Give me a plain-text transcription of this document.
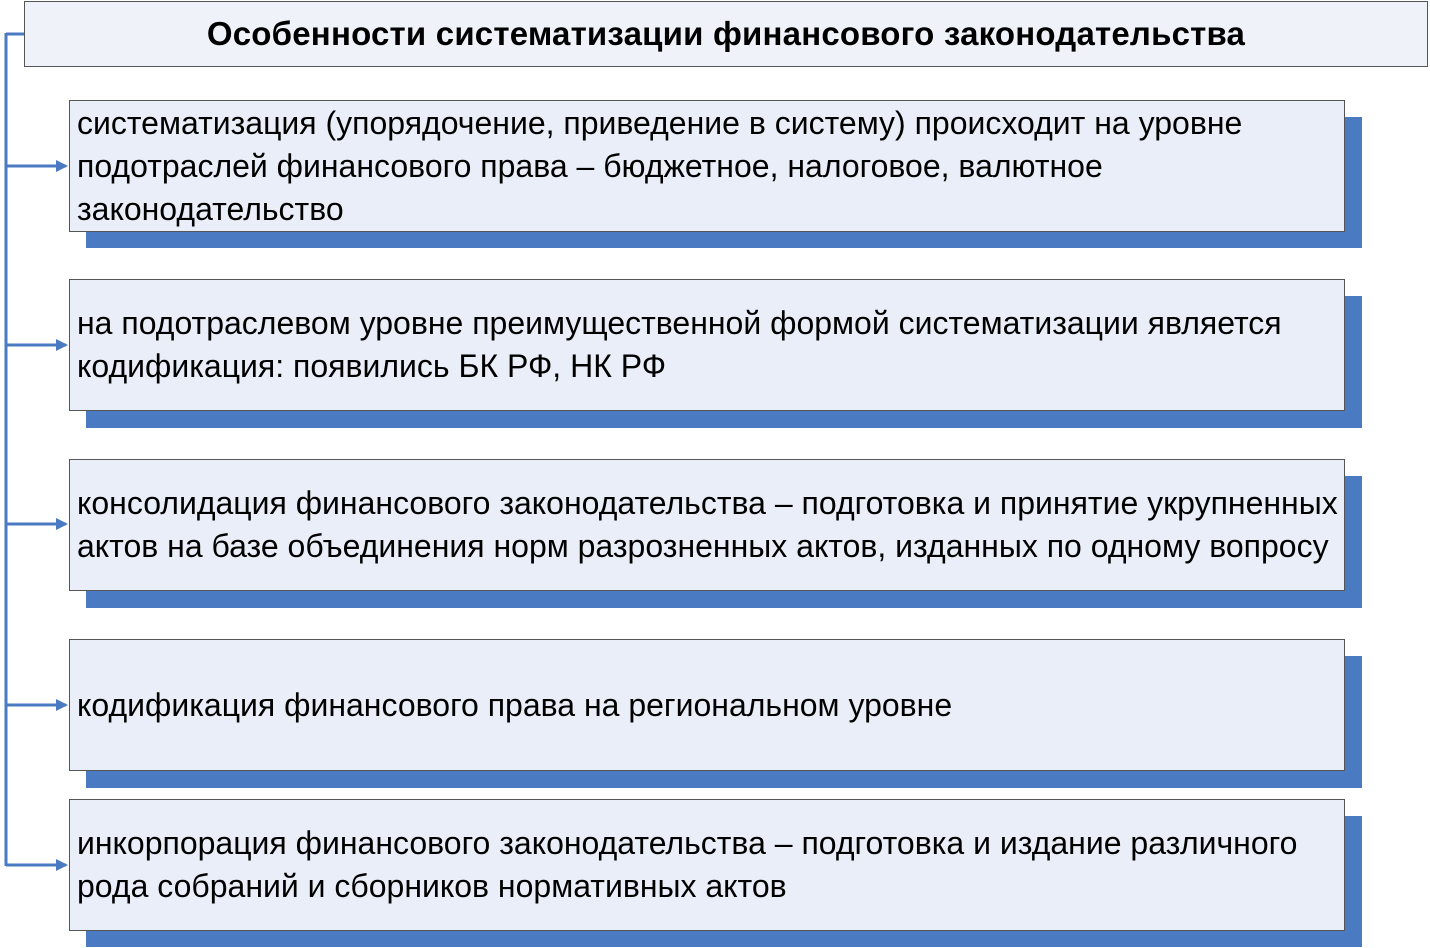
Особенности систематизации финансового законодательства
систематизация (упорядочение, приведение в систему) происходит на уровне подотраслей финансового права – бюджетное, налоговое, валютное законодательство
на подотраслевом уровне преимущественной формой систематизации является кодификация: появились БК РФ, НК РФ
консолидация финансового законодательства – подготовка и принятие укрупненных актов на базе объединения норм разрозненных актов, изданных по одному вопросу
кодификация финансового права на региональном уровне
инкорпорация финансового законодательства – подготовка и издание различного рода собраний и сборников нормативных актов
